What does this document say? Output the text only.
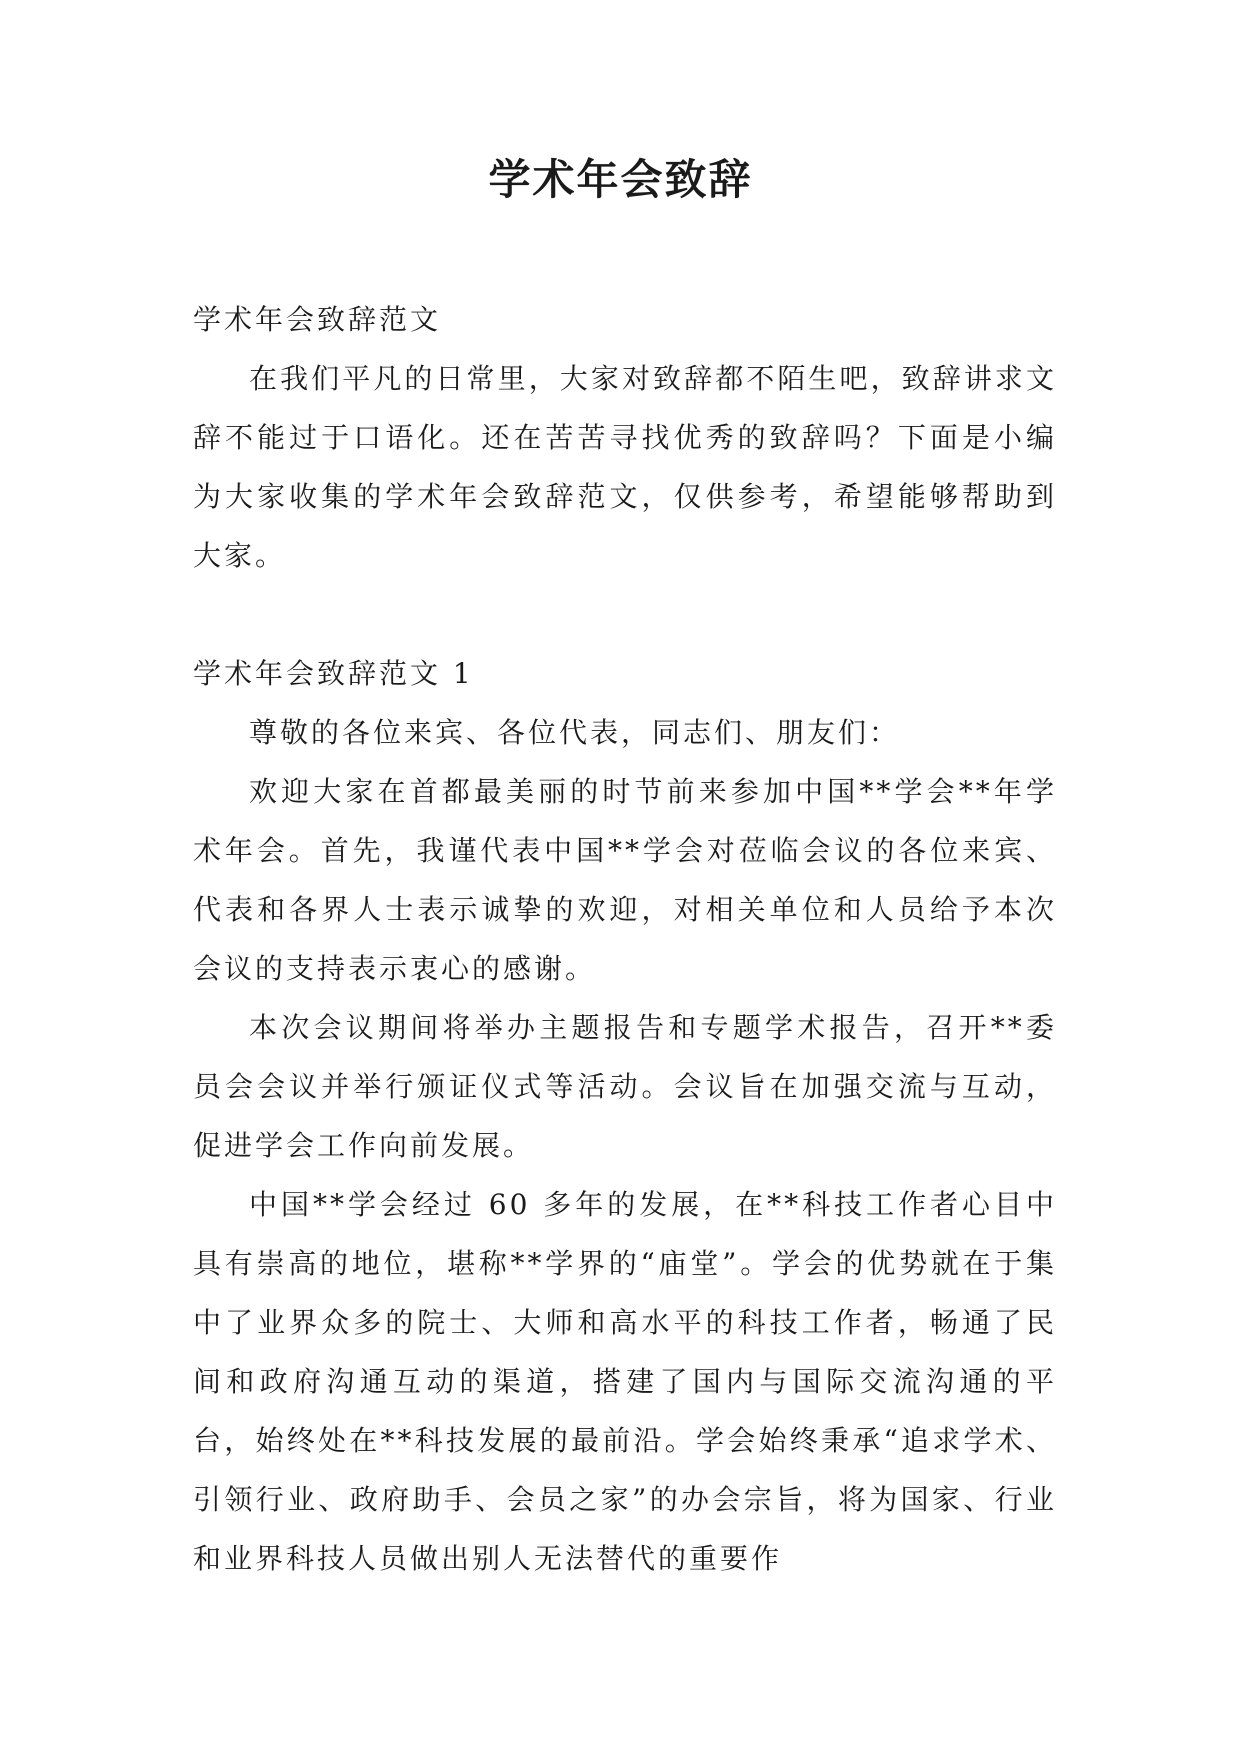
学术年会致辞

学术年会致辞范文

在我们平凡的日常里，大家对致辞都不陌生吧，致辞讲求文辞不能过于口语化。还在苦苦寻找优秀的致辞吗？下面是小编为大家收集的学术年会致辞范文，仅供参考，希望能够帮助到大家。

学术年会致辞范文 1

尊敬的各位来宾、各位代表，同志们、朋友们：

欢迎大家在首都最美丽的时节前来参加中国**学会**年学术年会。首先，我谨代表中国**学会对莅临会议的各位来宾、代表和各界人士表示诚挚的欢迎，对相关单位和人员给予本次会议的支持表示衷心的感谢。

本次会议期间将举办主题报告和专题学术报告，召开**委员会会议并举行颁证仪式等活动。会议旨在加强交流与互动，促进学会工作向前发展。

中国**学会经过 60 多年的发展，在**科技工作者心目中具有崇高的地位，堪称**学界的“庙堂”。学会的优势就在于集中了业界众多的院士、大师和高水平的科技工作者，畅通了民间和政府沟通互动的渠道，搭建了国内与国际交流沟通的平台，始终处在**科技发展的最前沿。学会始终秉承“追求学术、引领行业、政府助手、会员之家”的办会宗旨，将为国家、行业和业界科技人员做出别人无法替代的重要作
